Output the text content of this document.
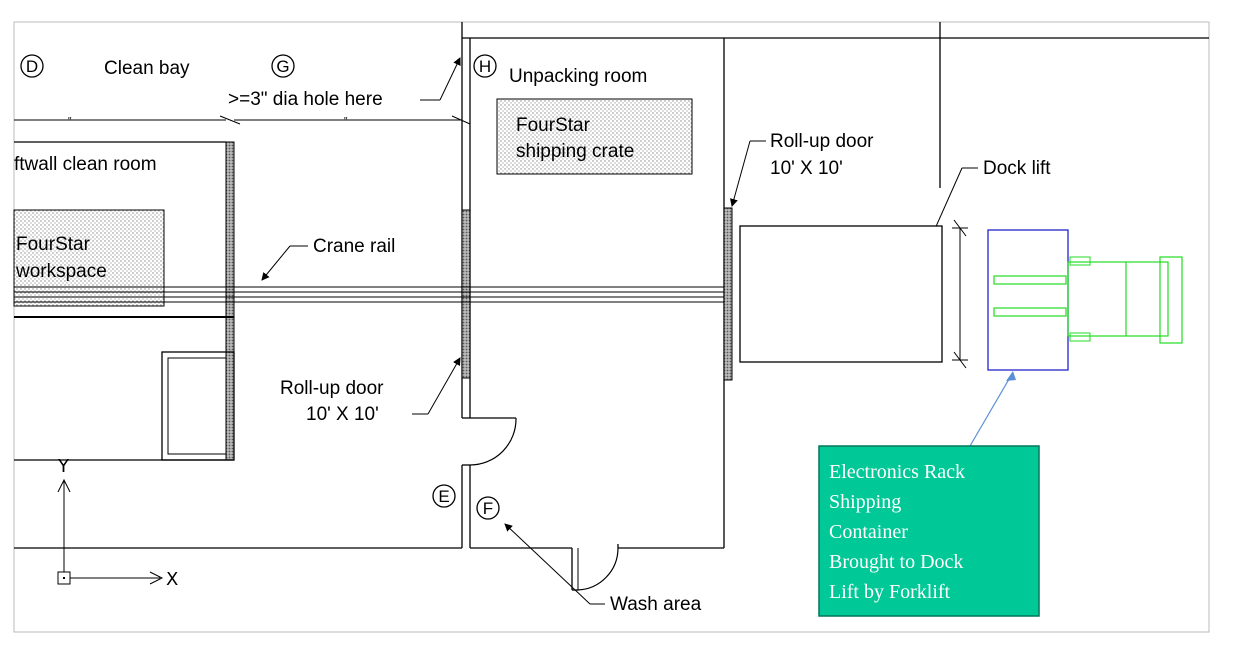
FourStar
workspace
FourStar
shipping crate
"	"
D	G	H
E
F
Clean bay
>=3" dia hole here
Unpacking room
ftwall clean room
Crane rail
Roll-up door
10' X 10'
Roll-up door
10' X 10'	Dock lift
Wash area
Electronics Rack
Shipping
Container
Brought to Dock
Lift by Forklift
Y
X
